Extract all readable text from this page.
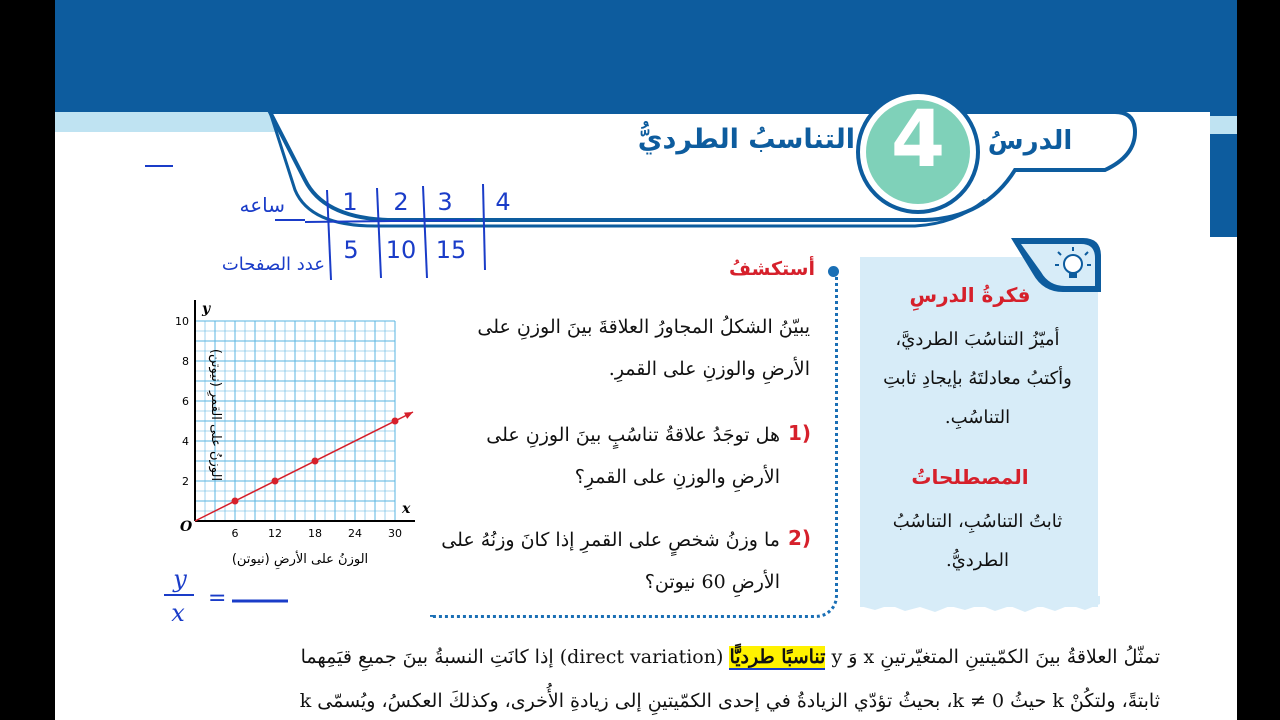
الدرسُ
4
التناسبُ الطرديُّ
ساعه
عدد الصفحات
1 2 3 4
5 10 15
y
x
=
6	12 18 24 30
2
4
6
8
10
y
x
O
الوزنُ على الأرضِ (نيوتن)
الوزنُ على القمرِ (نيوتن)
أستكشفُ
يبيّنُ الشكلُ المجاورُ العلاقةَ بينَ الوزنِ على
الأرضِ والوزنِ على القمرِ.
1)
هل توجَدُ علاقةُ تناسُبٍ بينَ الوزنِ على
الأرضِ والوزنِ على القمرِ؟
2)
ما وزنُ شخصٍ على القمرِ إذا كانَ وزنُهُ على
الأرضِ 60 نيوتن؟
فكرةُ الدرسِ
أميّزُ التناسُبَ الطرديَّ،
وأكتبُ معادلتَهُ بإيجادِ ثابتِ
التناسُبِ.
المصطلحاتُ
ثابتُ التناسُبِ، التناسُبُ
الطرديُّ.
تمثّلُ العلاقةُ بينَ الكمّيتينِ المتغيّرتينِ x وَ y تناسبًا طرديًّا (direct variation) إذا كانَتِ النسبةُ بينَ جميعِ قيَمِهما
ثابتةً، ولتكُنْ k حيثُ k ≠ 0، بحيثُ تؤدّي الزيادةُ في إحدى الكمّيتينِ إلى زيادةِ الأُخرى، وكذلكَ العكسُ، ويُسمّى k
